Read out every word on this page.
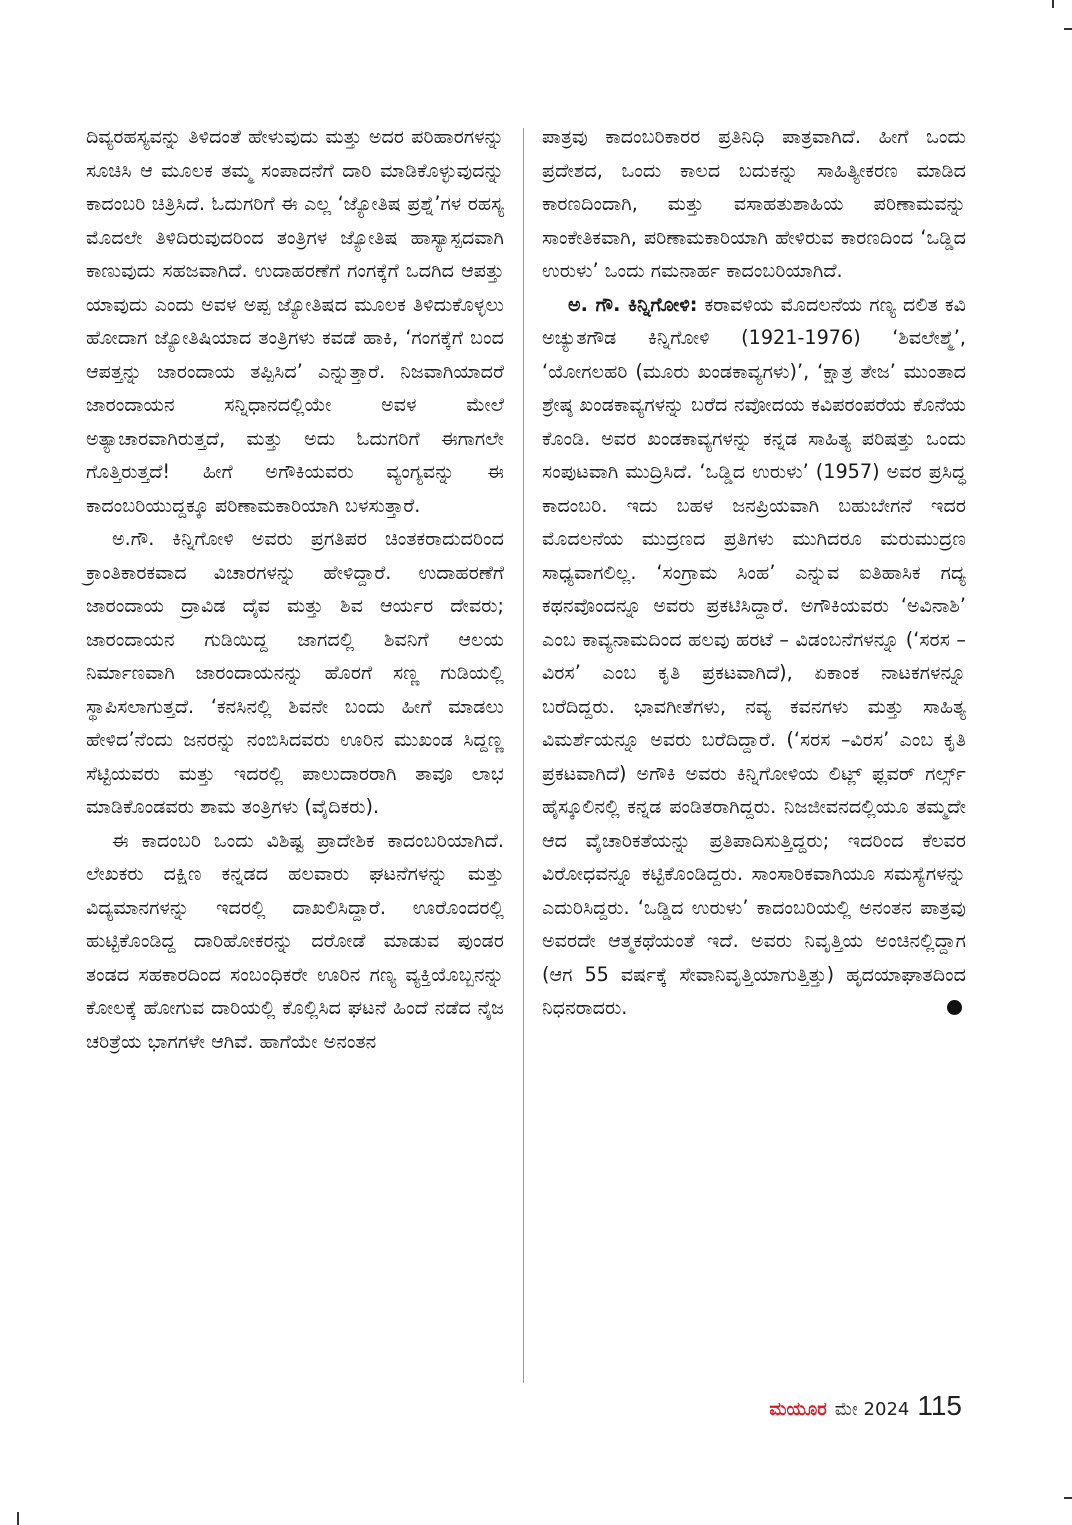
ದಿವ್ಯರಹಸ್ಯವನ್ನು ತಿಳಿದಂತೆ ಹೇಳುವುದು ಮತ್ತು ಅದರ ಪರಿಹಾರಗಳನ್ನು ಸೂಚಿಸಿ ಆ ಮೂಲಕ ತಮ್ಮ ಸಂಪಾದನೆಗೆ ದಾರಿ ಮಾಡಿಕೊಳ್ಳುವುದನ್ನು ಕಾದಂಬರಿ ಚಿತ್ರಿಸಿದೆ. ಓದುಗರಿಗೆ ಈ ಎಲ್ಲ ‘ಜ್ಯೋತಿಷ ಪ್ರಶ್ನೆ’ಗಳ ರಹಸ್ಯ ಮೊದಲೇ ತಿಳಿದಿರುವುದರಿಂದ ತಂತ್ರಿಗಳ ಜ್ಯೋತಿಷ ಹಾಸ್ಯಾಸ್ಪದವಾಗಿ ಕಾಣುವುದು ಸಹಜವಾಗಿದೆ. ಉದಾಹರಣೆಗೆ ಗಂಗಕ್ಕೆಗೆ ಒದಗಿದ ಆಪತ್ತು ಯಾವುದು ಎಂದು ಅವಳ ಅಪ್ಪ ಜ್ಯೋತಿಷದ ಮೂಲಕ ತಿಳಿದುಕೊಳ್ಳಲು ಹೋದಾಗ ಜ್ಯೋತಿಷಿಯಾದ ತಂತ್ರಿಗಳು ಕವಡೆ ಹಾಕಿ, ‘ಗಂಗಕ್ಕೆಗೆ ಬಂದ ಆಪತ್ತನ್ನು ಜಾರಂದಾಯ ತಪ್ಪಿಸಿದ’ ಎನ್ನುತ್ತಾರೆ. ನಿಜವಾಗಿಯಾದರೆ ಜಾರಂದಾಯನ ಸನ್ನಿಧಾನದಲ್ಲಿಯೇ ಅವಳ ಮೇಲೆ ಅತ್ಯಾಚಾರವಾಗಿರುತ್ತದೆ, ಮತ್ತು ಅದು ಓದುಗರಿಗೆ ಈಗಾಗಲೇ ಗೊತ್ತಿರುತ್ತದೆ! ಹೀಗೆ ಅಗೌಕಿಯವರು ವ್ಯಂಗ್ಯವನ್ನು ಈ ಕಾದಂಬರಿಯುದ್ದಕ್ಕೂ ಪರಿಣಾಮಕಾರಿಯಾಗಿ ಬಳಸುತ್ತಾರೆ.

ಅ.ಗೌ. ಕಿನ್ನಿಗೋಳಿ ಅವರು ಪ್ರಗತಿಪರ ಚಿಂತಕರಾದುದರಿಂದ ಕ್ರಾಂತಿಕಾರಕವಾದ ವಿಚಾರಗಳನ್ನು ಹೇಳಿದ್ದಾರೆ. ಉದಾಹರಣೆಗೆ ಜಾರಂದಾಯ ದ್ರಾವಿಡ ದೈವ ಮತ್ತು ಶಿವ ಆರ್ಯರ ದೇವರು; ಜಾರಂದಾಯನ ಗುಡಿಯಿದ್ದ ಜಾಗದಲ್ಲಿ ಶಿವನಿಗೆ ಆಲಯ ನಿರ್ಮಾಣವಾಗಿ ಜಾರಂದಾಯನನ್ನು ಹೊರಗೆ ಸಣ್ಣ ಗುಡಿಯಲ್ಲಿ ಸ್ಥಾಪಿಸಲಾಗುತ್ತದೆ. ‘ಕನಸಿನಲ್ಲಿ ಶಿವನೇ ಬಂದು ಹೀಗೆ ಮಾಡಲು ಹೇಳಿದ’ನೆಂದು ಜನರನ್ನು ನಂಬಿಸಿದವರು ಊರಿನ ಮುಖಂಡ ಸಿದ್ದಣ್ಣ ಸೆಟ್ಟಿಯವರು ಮತ್ತು ಇದರಲ್ಲಿ ಪಾಲುದಾರರಾಗಿ ತಾವೂ ಲಾಭ ಮಾಡಿಕೊಂಡವರು ಶಾಮ ತಂತ್ರಿಗಳು (ವೈದಿಕರು).

ಈ ಕಾದಂಬರಿ ಒಂದು ವಿಶಿಷ್ಟ ಪ್ರಾದೇಶಿಕ ಕಾದಂಬರಿಯಾಗಿದೆ. ಲೇಖಕರು ದಕ್ಷಿಣ ಕನ್ನಡದ ಹಲವಾರು ಘಟನೆಗಳನ್ನು ಮತ್ತು ವಿದ್ಯಮಾನಗಳನ್ನು ಇದರಲ್ಲಿ ದಾಖಲಿಸಿದ್ದಾರೆ. ಊರೊಂದರಲ್ಲಿ ಹುಟ್ಟಿಕೊಂಡಿದ್ದ ದಾರಿಹೋಕರನ್ನು ದರೋಡೆ ಮಾಡುವ ಪುಂಡರ ತಂಡದ ಸಹಕಾರದಿಂದ ಸಂಬಂಧಿಕರೇ ಊರಿನ ಗಣ್ಯ ವ್ಯಕ್ತಿಯೊಬ್ಬನನ್ನು ಕೋಲಕ್ಕೆ ಹೋಗುವ ದಾರಿಯಲ್ಲಿ ಕೊಲ್ಲಿಸಿದ ಘಟನೆ ಹಿಂದೆ ನಡೆದ ನೈಜ ಚರಿತ್ರೆಯ ಭಾಗಗಳೇ ಆಗಿವೆ. ಹಾಗೆಯೇ ಅನಂತನ

ಪಾತ್ರವು ಕಾದಂಬರಿಕಾರರ ಪ್ರತಿನಿಧಿ ಪಾತ್ರವಾಗಿದೆ. ಹೀಗೆ ಒಂದು ಪ್ರದೇಶದ, ಒಂದು ಕಾಲದ ಬದುಕನ್ನು ಸಾಹಿತ್ಯೀಕರಣ ಮಾಡಿದ ಕಾರಣದಿಂದಾಗಿ, ಮತ್ತು ವಸಾಹತುಶಾಹಿಯ ಪರಿಣಾಮವನ್ನು ಸಾಂಕೇತಿಕವಾಗಿ, ಪರಿಣಾಮಕಾರಿಯಾಗಿ ಹೇಳಿರುವ ಕಾರಣದಿಂದ ‘ಒಡ್ಡಿದ ಉರುಳು’ ಒಂದು ಗಮನಾರ್ಹ ಕಾದಂಬರಿಯಾಗಿದೆ.

ಅ. ಗೌ. ಕಿನ್ನಿಗೋಳಿ: ಕರಾವಳಿಯ ಮೊದಲನೆಯ ಗಣ್ಯ ದಲಿತ ಕವಿ ಅಚ್ಯುತಗೌಡ ಕಿನ್ನಿಗೋಳಿ (1921-1976) ‘ಶಿವಲೇಶ್ಮೆ’, ‘ಯೋಗಲಹರಿ (ಮೂರು ಖಂಡಕಾವ್ಯಗಳು)’, ‘ಕ್ಷಾತ್ರ ತೇಜ’ ಮುಂತಾದ ಶ್ರೇಷ್ಠ ಖಂಡಕಾವ್ಯಗಳನ್ನು ಬರೆದ ನವೋದಯ ಕವಿಪರಂಪರೆಯ ಕೊನೆಯ ಕೊಂಡಿ. ಅವರ ಖಂಡಕಾವ್ಯಗಳನ್ನು ಕನ್ನಡ ಸಾಹಿತ್ಯ ಪರಿಷತ್ತು ಒಂದು ಸಂಪುಟವಾಗಿ ಮುದ್ರಿಸಿದೆ. ‘ಒಡ್ಡಿದ ಉರುಳು’ (1957) ಅವರ ಪ್ರಸಿದ್ಧ ಕಾದಂಬರಿ. ಇದು ಬಹಳ ಜನಪ್ರಿಯವಾಗಿ ಬಹುಬೇಗನೆ ಇದರ ಮೊದಲನೆಯ ಮುದ್ರಣದ ಪ್ರತಿಗಳು ಮುಗಿದರೂ ಮರುಮುದ್ರಣ ಸಾಧ್ಯವಾಗಲಿಲ್ಲ. ‘ಸಂಗ್ರಾಮ ಸಿಂಹ’ ಎನ್ನುವ ಐತಿಹಾಸಿಕ ಗದ್ಯ ಕಥನವೊಂದನ್ನೂ ಅವರು ಪ್ರಕಟಿಸಿದ್ದಾರೆ. ಅಗೌಕಿಯವರು ‘ಅವಿನಾಶಿ’ ಎಂಬ ಕಾವ್ಯನಾಮದಿಂದ ಹಲವು ಹರಟೆ – ವಿಡಂಬನೆಗಳನ್ನೂ (‘ಸರಸ – ವಿರಸ’ ಎಂಬ ಕೃತಿ ಪ್ರಕಟವಾಗಿದೆ), ಏಕಾಂಕ ನಾಟಕಗಳನ್ನೂ ಬರೆದಿದ್ದರು. ಭಾವಗೀತೆಗಳು, ನವ್ಯ ಕವನಗಳು ಮತ್ತು ಸಾಹಿತ್ಯ ವಿಮರ್ಶೆಯನ್ನೂ ಅವರು ಬರೆದಿದ್ದಾರೆ. (‘ಸರಸ –ವಿರಸ’ ಎಂಬ ಕೃತಿ ಪ್ರಕಟವಾಗಿದೆ) ಅಗೌಕಿ ಅವರು ಕಿನ್ನಿಗೋಳಿಯ ಲಿಟ್ಲ್ ಫ್ಲವರ್ ಗರ್ಲ್ಸ್ ಹೈಸ್ಕೂಲಿನಲ್ಲಿ ಕನ್ನಡ ಪಂಡಿತರಾಗಿದ್ದರು. ನಿಜಜೀವನದಲ್ಲಿಯೂ ತಮ್ಮದೇ ಆದ ವೈಚಾರಿಕತೆಯನ್ನು ಪ್ರತಿಪಾದಿಸುತ್ತಿದ್ದರು; ಇದರಿಂದ ಕೆಲವರ ವಿರೋಧವನ್ನೂ ಕಟ್ಟಿಕೊಂಡಿದ್ದರು. ಸಾಂಸಾರಿಕವಾಗಿಯೂ ಸಮಸ್ಯೆಗಳನ್ನು ಎದುರಿಸಿದ್ದರು. ‘ಒಡ್ಡಿದ ಉರುಳು’ ಕಾದಂಬರಿಯಲ್ಲಿ ಅನಂತನ ಪಾತ್ರವು ಅವರದೇ ಆತ್ಮಕಥೆಯಂತೆ ಇದೆ. ಅವರು ನಿವೃತ್ತಿಯ ಅಂಚಿನಲ್ಲಿದ್ದಾಗ (ಆಗ 55 ವರ್ಷಕ್ಕೆ ಸೇವಾನಿವೃತ್ತಿಯಾಗುತ್ತಿತ್ತು) ಹೃದಯಾಘಾತದಿಂದ ನಿಧನರಾದರು.

ಮಯೂರ ಮೇ 2024 115
